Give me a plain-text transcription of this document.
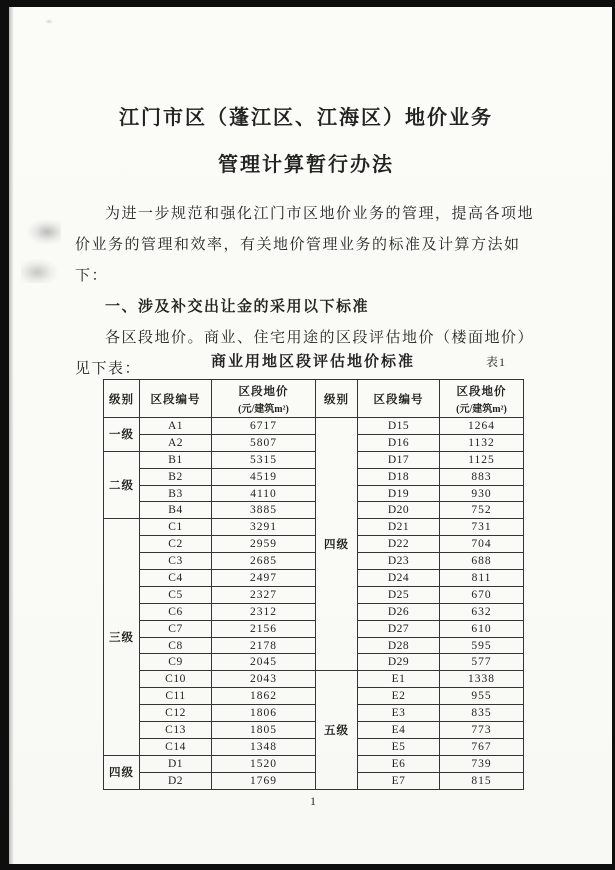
江门市区（蓬江区、江海区）地价业务
管理计算暂行办法

为进一步规范和强化江门市区地价业务的管理，提高各项地价业务的管理和效率，有关地价管理业务的标准及计算方法如下：

一、涉及补交出让金的采用以下标准

各区段地价。商业、住宅用途的区段评估地价（楼面地价）见下表：	商业用地区段评估地价标准	表1
级别	区段编号	区段地价
(元/建筑m²)	级别	区段编号	区段地价
(元/建筑m²)

一级	A1	6717	四级	D15	1264
	A2	5807		D16	1132
二级	B1	5315		D17	1125
	B2	4519		D18	883
	B3	4110		D19	930
	B4	3885		D20	752
三级	C1	3291		D21	731
	C2	2959		D22	704
	C3	2685		D23	688
	C4	2497		D24	811
	C5	2327		D25	670
	C6	2312		D26	632
	C7	2156		D27	610
	C8	2178		D28	595
	C9	2045		D29	577
	C10	2043	五级	E1	1338
	C11	1862		E2	955
	C12	1806		E3	835
	C13	1805		E4	773
	C14	1348		E5	767
四级	D1	1520		E6	739
	D2	1769		E7	815
1
